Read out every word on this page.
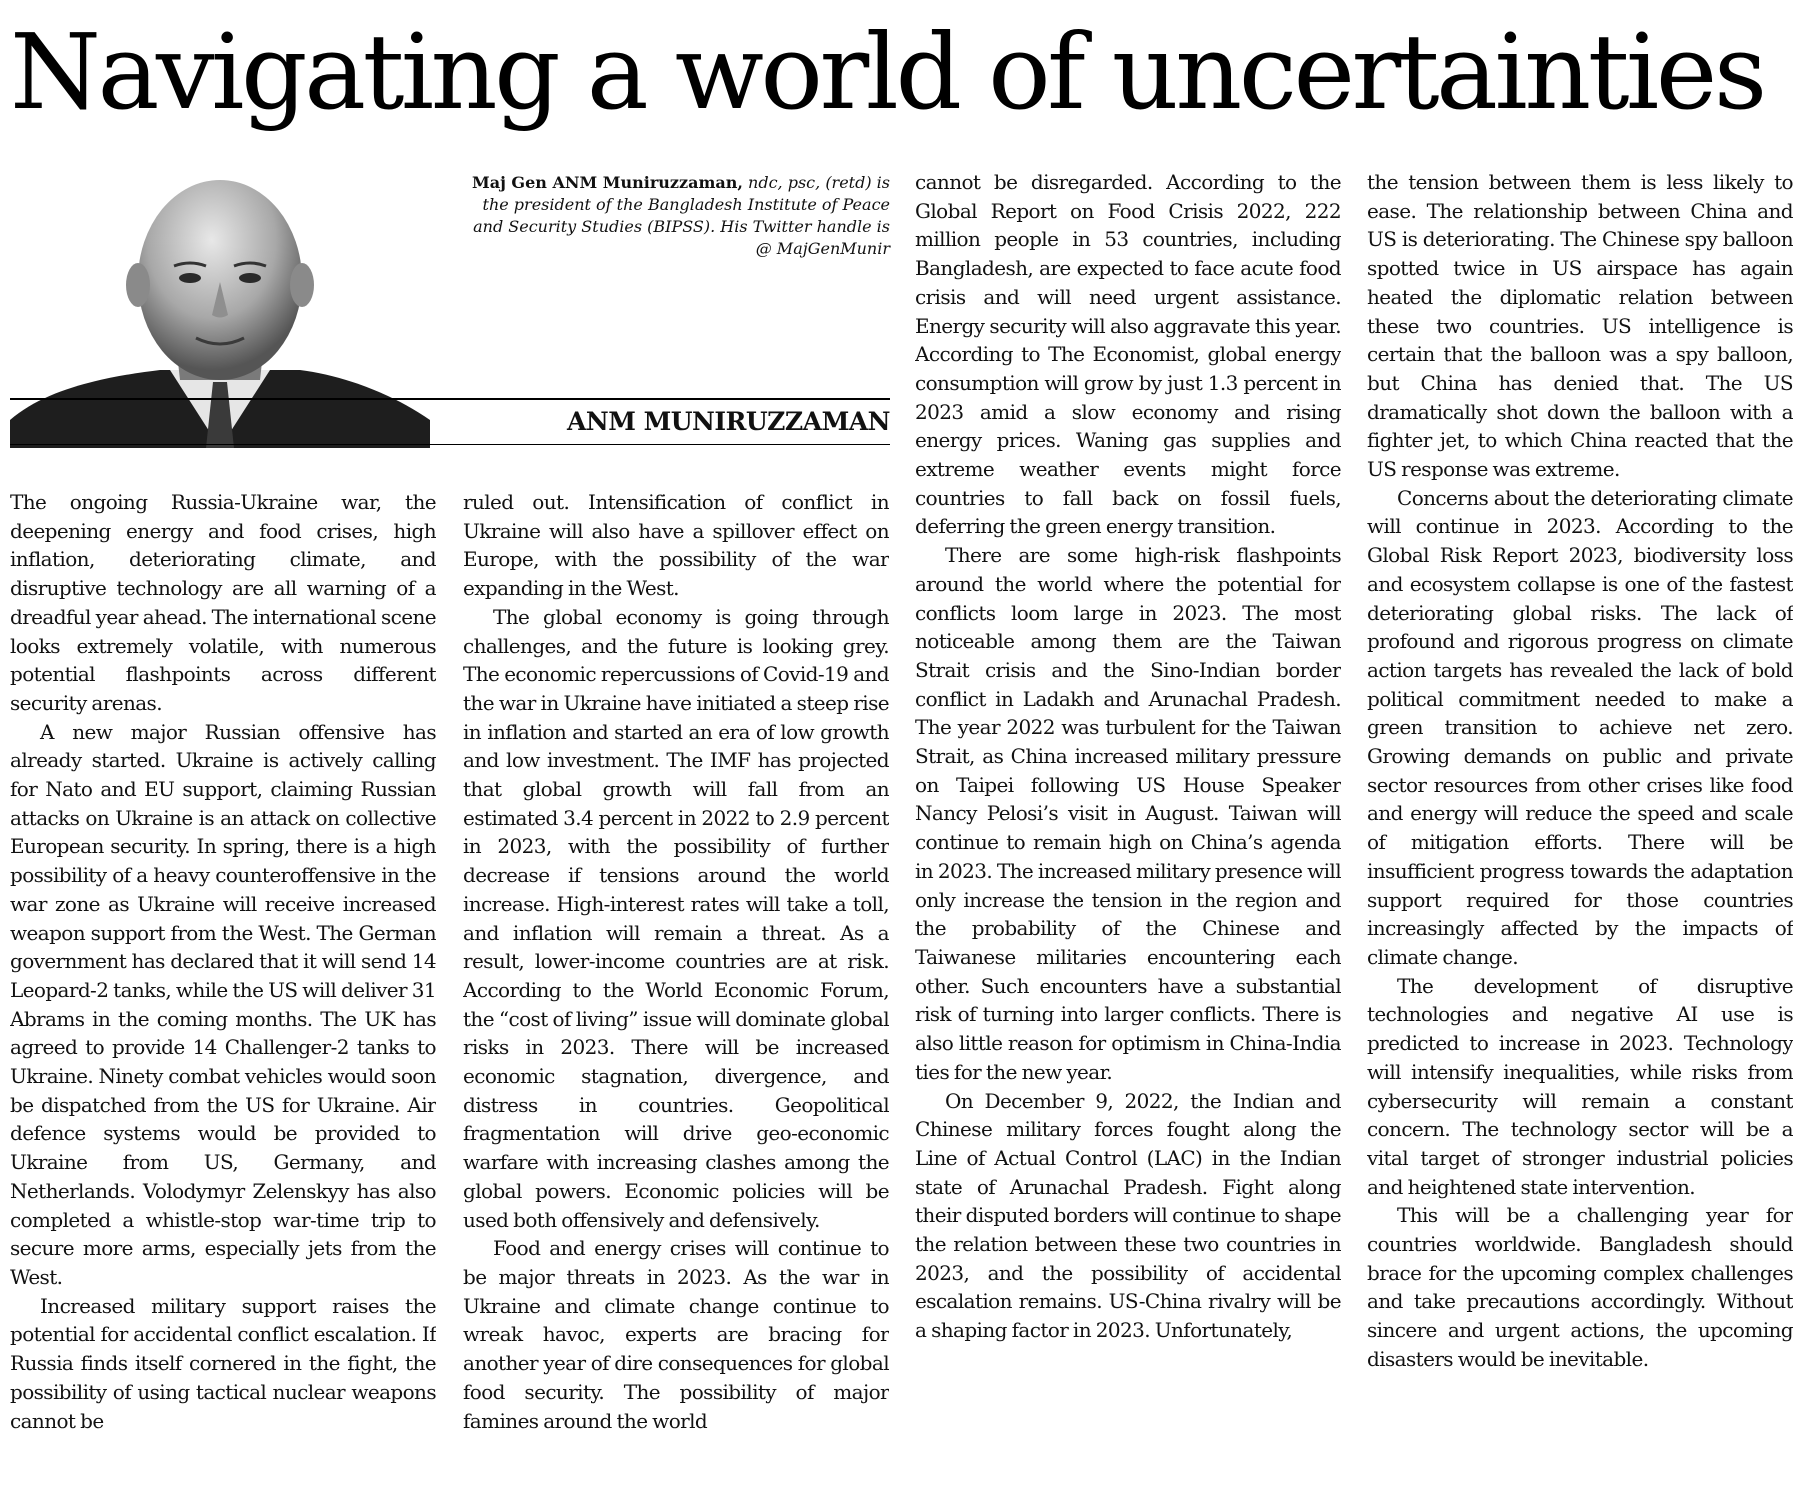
Navigating a world of uncertainties
Maj Gen ANM Muniruzzaman, ndc, psc, (retd) is the president of the Bangladesh Institute of Peace and Security Studies (BIPSS). His Twitter handle is @ MajGenMunir
ANM MUNIRUZZAMAN

The ongoing Russia-Ukraine war, the deepening energy and food crises, high inflation, deteriorating climate, and disruptive technology are all warning of a dreadful year ahead. The international scene looks extremely volatile, with numerous potential flashpoints across different security arenas.

A new major Russian offensive has already started. Ukraine is actively calling for Nato and EU support, claiming Russian attacks on Ukraine is an attack on collective European security. In spring, there is a high possibility of a heavy counteroffensive in the war zone as Ukraine will receive increased weapon support from the West. The German government has declared that it will send 14 Leopard-2 tanks, while the US will deliver 31 Abrams in the coming months. The UK has agreed to provide 14 Challenger-2 tanks to Ukraine. Ninety combat vehicles would soon be dispatched from the US for Ukraine. Air defence systems would be provided to Ukraine from US, Germany, and Netherlands. Volodymyr Zelenskyy has also completed a whistle-stop war-time trip to secure more arms, especially jets from the West.

Increased military support raises the potential for accidental conflict escalation. If Russia finds itself cornered in the fight, the possibility of using tactical nuclear weapons cannot be

ruled out. Intensification of conflict in Ukraine will also have a spillover effect on Europe, with the possibility of the war expanding in the West.

The global economy is going through challenges, and the future is looking grey. The economic repercussions of Covid-19 and the war in Ukraine have initiated a steep rise in inflation and started an era of low growth and low investment. The IMF has projected that global growth will fall from an estimated 3.4 percent in 2022 to 2.9 percent in 2023, with the possibility of further decrease if tensions around the world increase. High-interest rates will take a toll, and inflation will remain a threat. As a result, lower-income countries are at risk. According to the World Economic Forum, the “cost of living” issue will dominate global risks in 2023. There will be increased economic stagnation, divergence, and distress in countries. Geopolitical fragmentation will drive geo-economic warfare with increasing clashes among the global powers. Economic policies will be used both offensively and defensively.

Food and energy crises will continue to be major threats in 2023. As the war in Ukraine and climate change continue to wreak havoc, experts are bracing for another year of dire consequences for global food security. The possibility of major famines around the world

cannot be disregarded. According to the Global Report on Food Crisis 2022, 222 million people in 53 countries, including Bangladesh, are expected to face acute food crisis and will need urgent assistance. Energy security will also aggravate this year. According to The Economist, global energy consumption will grow by just 1.3 percent in 2023 amid a slow economy and rising energy prices. Waning gas supplies and extreme weather events might force countries to fall back on fossil fuels, deferring the green energy transition.

There are some high-risk flashpoints around the world where the potential for conflicts loom large in 2023. The most noticeable among them are the Taiwan Strait crisis and the Sino-Indian border conflict in Ladakh and Arunachal Pradesh. The year 2022 was turbulent for the Taiwan Strait, as China increased military pressure on Taipei following US House Speaker Nancy Pelosi’s visit in August. Taiwan will continue to remain high on China’s agenda in 2023. The increased military presence will only increase the tension in the region and the probability of the Chinese and Taiwanese militaries encountering each other. Such encounters have a substantial risk of turning into larger conflicts. There is also little reason for optimism in China-India ties for the new year.

On December 9, 2022, the Indian and Chinese military forces fought along the Line of Actual Control (LAC) in the Indian state of Arunachal Pradesh. Fight along their disputed borders will continue to shape the relation between these two countries in 2023, and the possibility of accidental escalation remains. US-China rivalry will be a shaping factor in 2023. Unfortunately,

the tension between them is less likely to ease. The relationship between China and US is deteriorating. The Chinese spy balloon spotted twice in US airspace has again heated the diplomatic relation between these two countries. US intelligence is certain that the balloon was a spy balloon, but China has denied that. The US dramatically shot down the balloon with a fighter jet, to which China reacted that the US response was extreme.

Concerns about the deteriorating climate will continue in 2023. According to the Global Risk Report 2023, biodiversity loss and ecosystem collapse is one of the fastest deteriorating global risks. The lack of profound and rigorous progress on climate action targets has revealed the lack of bold political commitment needed to make a green transition to achieve net zero. Growing demands on public and private sector resources from other crises like food and energy will reduce the speed and scale of mitigation efforts. There will be insufficient progress towards the adaptation support required for those countries increasingly affected by the impacts of climate change.

The development of disruptive technologies and negative AI use is predicted to increase in 2023. Technology will intensify inequalities, while risks from cybersecurity will remain a constant concern. The technology sector will be a vital target of stronger industrial policies and heightened state intervention.

This will be a challenging year for countries worldwide. Bangladesh should brace for the upcoming complex challenges and take precautions accordingly. Without sincere and urgent actions, the upcoming disasters would be inevitable.
